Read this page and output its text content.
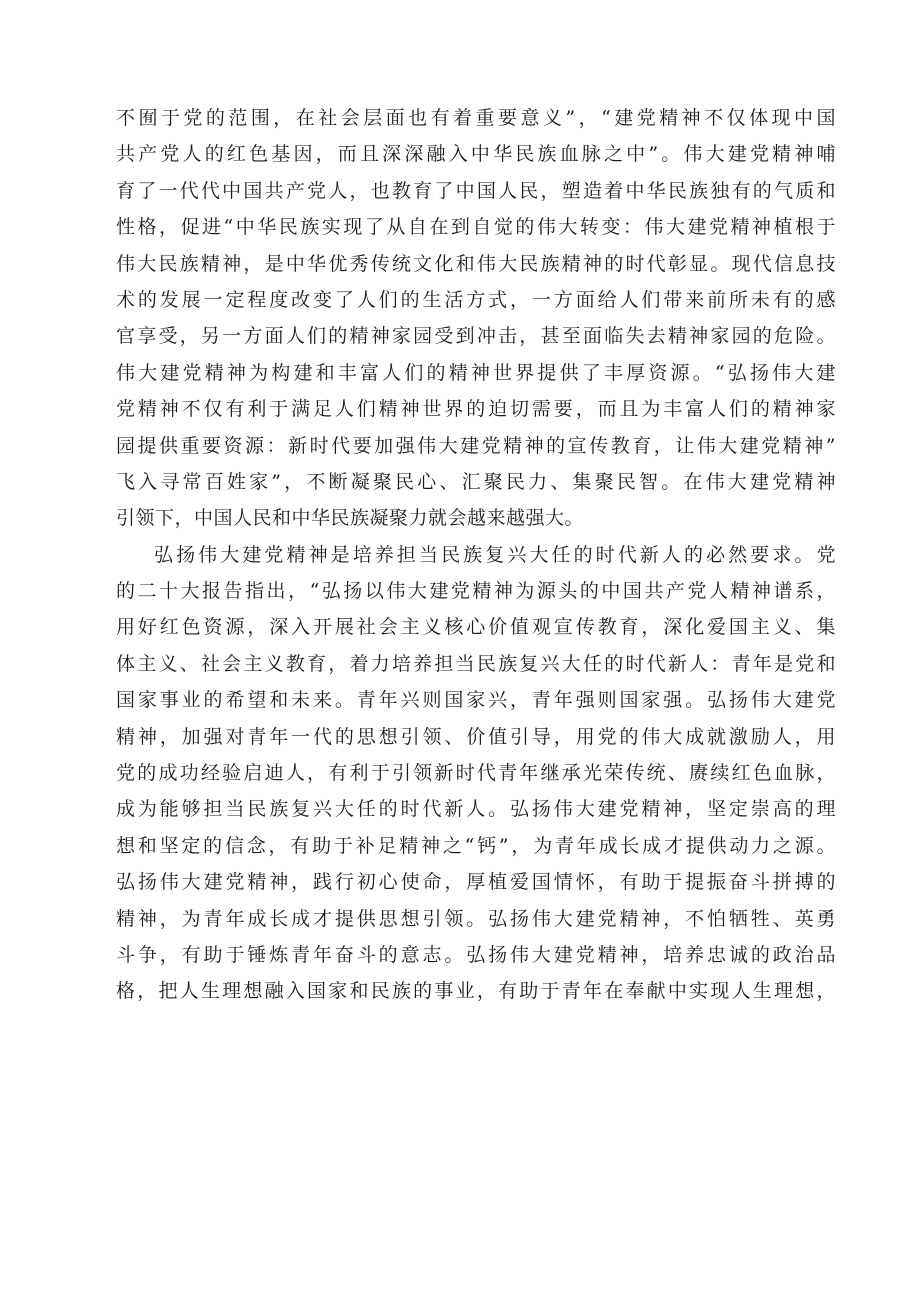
不囿于党的范围，在社会层面也有着重要意义”，“建党精神不仅体现中国
共产党人的红色基因，而且深深融入中华民族血脉之中”。伟大建党精神哺
育了一代代中国共产党人，也教育了中国人民，塑造着中华民族独有的气质和
性格，促进“中华民族实现了从自在到自觉的伟大转变：伟大建党精神植根于
伟大民族精神，是中华优秀传统文化和伟大民族精神的时代彰显。现代信息技
术的发展一定程度改变了人们的生活方式，一方面给人们带来前所未有的感
官享受，另一方面人们的精神家园受到冲击，甚至面临失去精神家园的危险。
伟大建党精神为构建和丰富人们的精神世界提供了丰厚资源。“弘扬伟大建
党精神不仅有利于满足人们精神世界的迫切需要，而且为丰富人们的精神家
园提供重要资源：新时代要加强伟大建党精神的宣传教育，让伟大建党精神”
飞入寻常百姓家”，不断凝聚民心、汇聚民力、集聚民智。在伟大建党精神
引领下，中国人民和中华民族凝聚力就会越来越强大。
弘扬伟大建党精神是培养担当民族复兴大任的时代新人的必然要求。党
的二十大报告指出，“弘扬以伟大建党精神为源头的中国共产党人精神谱系，
用好红色资源，深入开展社会主义核心价值观宣传教育，深化爱国主义、集
体主义、社会主义教育，着力培养担当民族复兴大任的时代新人：青年是党和
国家事业的希望和未来。青年兴则国家兴，青年强则国家强。弘扬伟大建党
精神，加强对青年一代的思想引领、价值引导，用党的伟大成就激励人，用
党的成功经验启迪人，有利于引领新时代青年继承光荣传统、赓续红色血脉，
成为能够担当民族复兴大任的时代新人。弘扬伟大建党精神，坚定崇高的理
想和坚定的信念，有助于补足精神之“钙”，为青年成长成才提供动力之源。
弘扬伟大建党精神，践行初心使命，厚植爱国情怀，有助于提振奋斗拼搏的
精神，为青年成长成才提供思想引领。弘扬伟大建党精神，不怕牺牲、英勇
斗争，有助于锤炼青年奋斗的意志。弘扬伟大建党精神，培养忠诚的政治品
格，把人生理想融入国家和民族的事业，有助于青年在奉献中实现人生理想，
